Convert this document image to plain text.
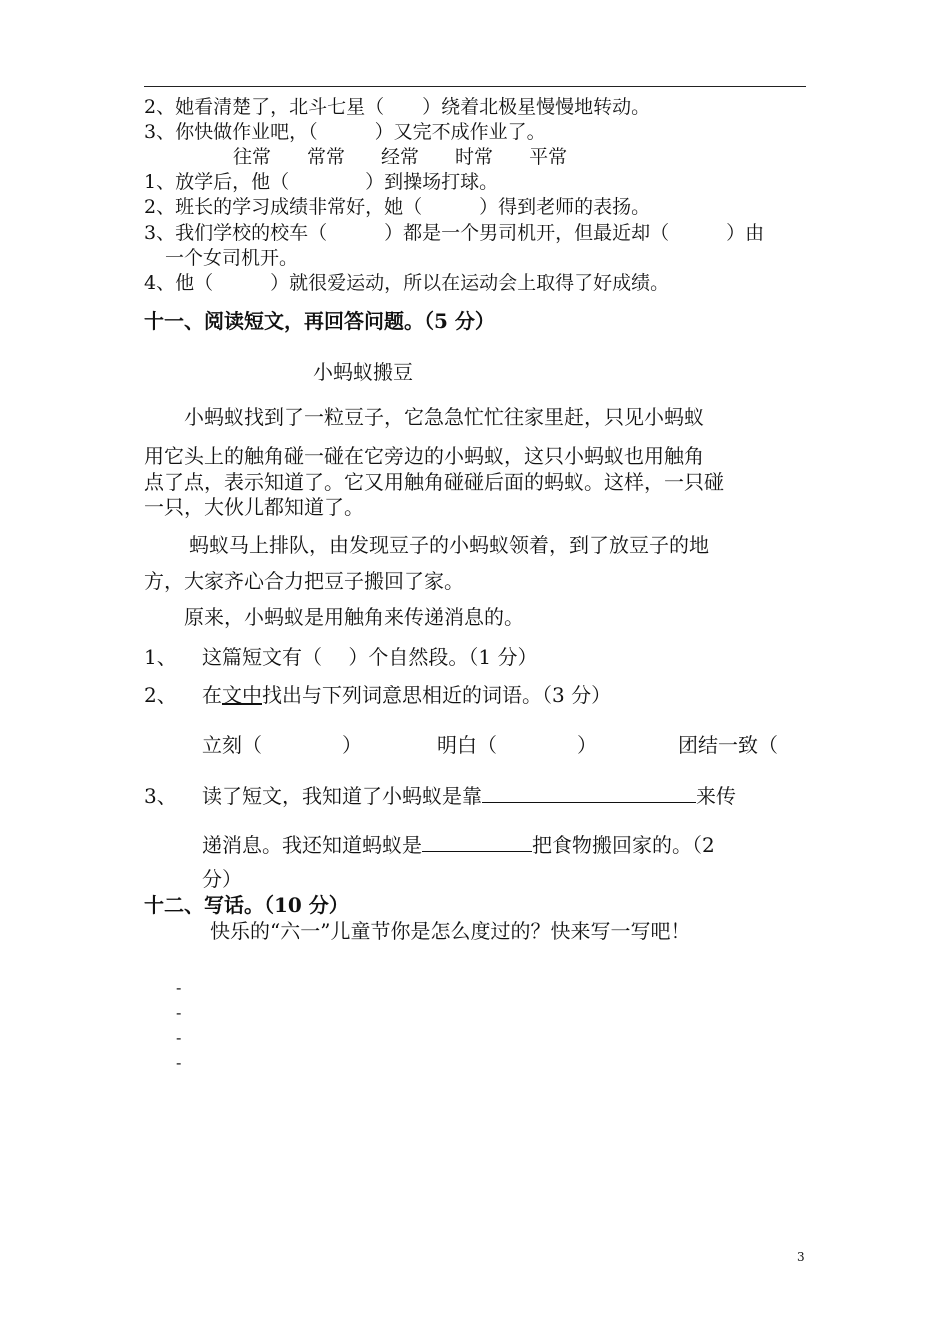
2、她看清楚了，北斗七星（　　）绕着北极星慢慢地转动。
3、你快做作业吧，（　　　）又完不成作业了。
往常 常常 经常 时常 平常
1、放学后，他（　　　　）到操场打球。
2、班长的学习成绩非常好，她（　　　）得到老师的表扬。
3、我们学校的校车（　　　）都是一个男司机开，但最近却（　　　）由
一个女司机开。
4、他（　　　）就很爱运动，所以在运动会上取得了好成绩。
十一、阅读短文，再回答问题。（5 分）
小蚂蚁搬豆
小蚂蚁找到了一粒豆子，它急急忙忙往家里赶，只见小蚂蚁
用它头上的触角碰一碰在它旁边的小蚂蚁，这只小蚂蚁也用触角
点了点，表示知道了。它又用触角碰碰后面的蚂蚁。这样，一只碰
一只，大伙儿都知道了。
蚂蚁马上排队，由发现豆子的小蚂蚁领着，到了放豆子的地
方，大家齐心合力把豆子搬回了家。
原来，小蚂蚁是用触角来传递消息的。
1、 这篇短文有（　 ）个自然段。（1 分）
2、 在文中找出与下列词意思相近的词语。（3 分）
立刻（　　　　）	明白（　　　　）	团结一致（
3、 读了短文，我知道了小蚂蚁是靠	来传
递消息。我还知道蚂蚁是	把食物搬回家的。（2
分）
十二、写话。（10 分）
快乐的“六一”儿童节你是怎么度过的？快来写一写吧！
-
-
-
-
3
